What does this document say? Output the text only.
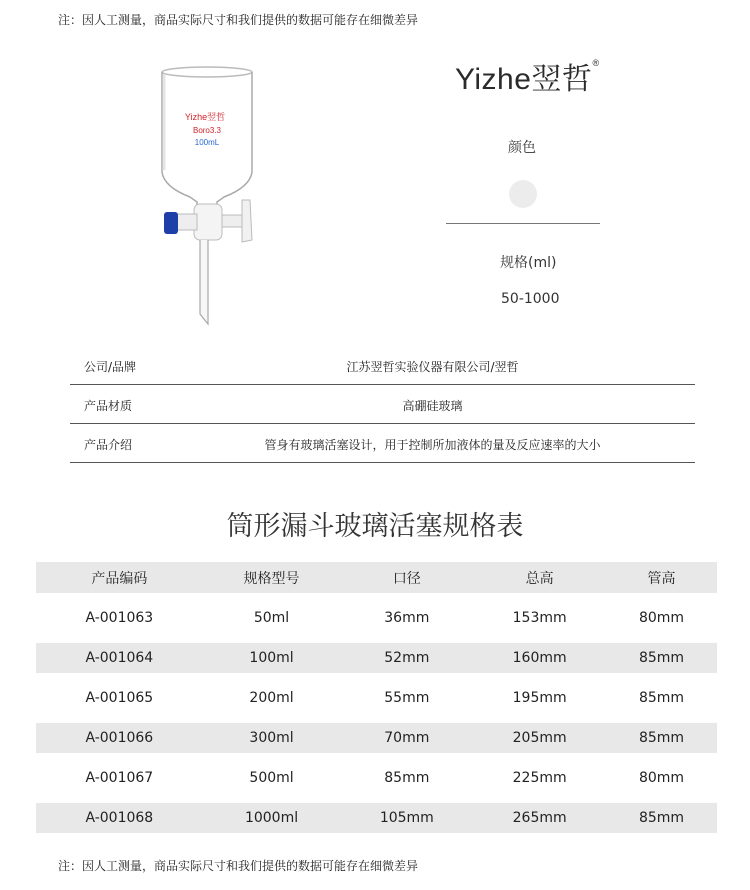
注：因人工测量，商品实际尺寸和我们提供的数据可能存在细微差异
Yizhe翌哲
Boro3.3
100mL
Yizhe翌哲®
颜色
规格(ml)
50-1000
公司/品牌	江苏翌哲实验仪器有限公司/翌哲
产品材质	高硼硅玻璃
产品介绍	管身有玻璃活塞设计，用于控制所加液体的量及反应速率的大小
筒形漏斗玻璃活塞规格表
产品编码	规格型号	口径	总高	管高
A-001063	50ml	36mm	153mm	80mm
A-001064	100ml	52mm	160mm	85mm
A-001065	200ml	55mm	195mm	85mm
A-001066	300ml	70mm	205mm	85mm
A-001067	500ml	85mm	225mm	80mm
A-001068	1000ml	105mm	265mm	85mm
注：因人工测量，商品实际尺寸和我们提供的数据可能存在细微差异
